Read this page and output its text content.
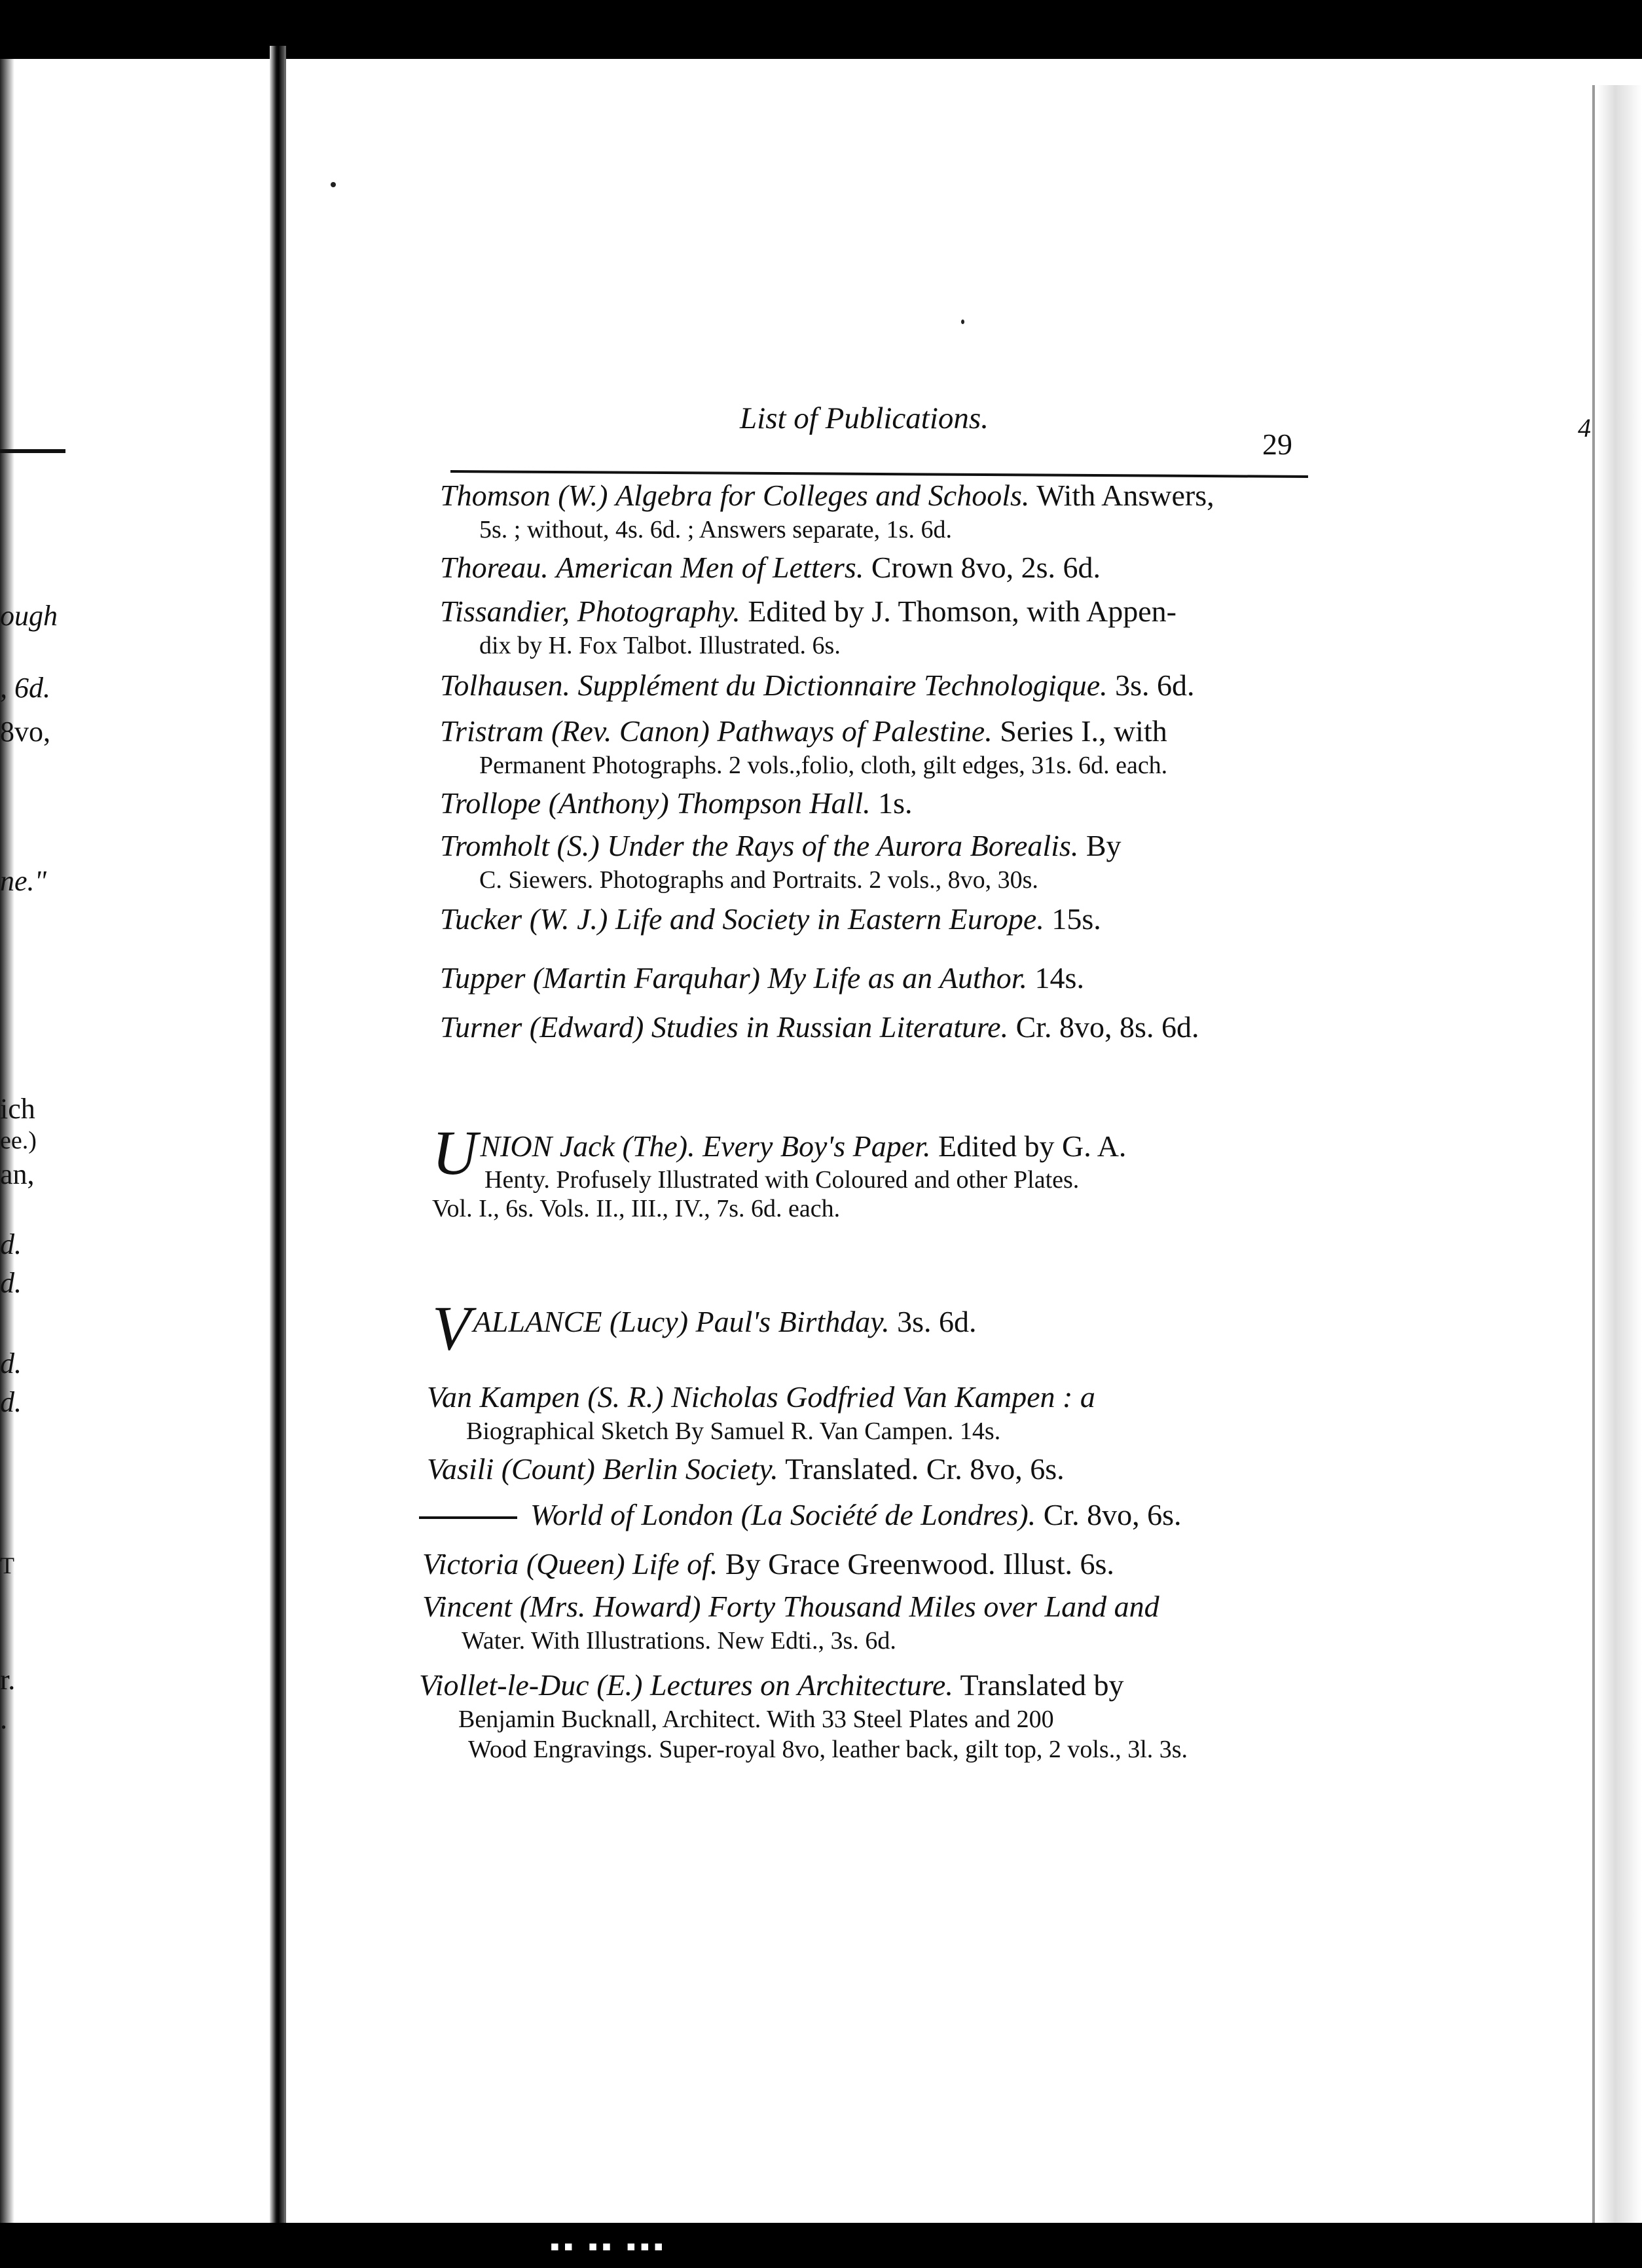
ough
, 6d.
8vo,
ne."
ich
ee.)
an,
d.
d.
d.
d.
T
r.
.
List of Publications.
29	4
Thomson (W.) Algebra for Colleges and Schools. With Answers,
5s. ; without, 4s. 6d. ; Answers separate, 1s. 6d.
Thoreau. American Men of Letters. Crown 8vo, 2s. 6d.
Tissandier, Photography. Edited by J. Thomson, with Appen-
dix by H. Fox Talbot. Illustrated. 6s.
Tolhausen. Supplément du Dictionnaire Technologique. 3s. 6d.
Tristram (Rev. Canon) Pathways of Palestine. Series I., with
Permanent Photographs. 2 vols.,folio, cloth, gilt edges, 31s. 6d. each.
Trollope (Anthony) Thompson Hall. 1s.
Tromholt (S.) Under the Rays of the Aurora Borealis. By
C. Siewers. Photographs and Portraits. 2 vols., 8vo, 30s.
Tucker (W. J.) Life and Society in Eastern Europe. 15s.
Tupper (Martin Farquhar) My Life as an Author. 14s.
Turner (Edward) Studies in Russian Literature. Cr. 8vo, 8s. 6d.
U NION Jack (The). Every Boy's Paper. Edited by G. A.
Henty. Profusely Illustrated with Coloured and other Plates.
Vol. I., 6s. Vols. II., III., IV., 7s. 6d. each.
V ALLANCE (Lucy) Paul's Birthday. 3s. 6d.
Van Kampen (S. R.) Nicholas Godfried Van Kampen : a
Biographical Sketch By Samuel R. Van Campen. 14s.
Vasili (Count) Berlin Society. Translated. Cr. 8vo, 6s.
World of London (La Société de Londres). Cr. 8vo, 6s.
Victoria (Queen) Life of. By Grace Greenwood. Illust. 6s.
Vincent (Mrs. Howard) Forty Thousand Miles over Land and
Water. With Illustrations. New Edti., 3s. 6d.
Viollet-le-Duc (E.) Lectures on Architecture. Translated by
Benjamin Bucknall, Architect. With 33 Steel Plates and 200
Wood Engravings. Super-royal 8vo, leather back, gilt top, 2 vols., 3l. 3s.
▪▪ ▪▪ ▪▪▪
